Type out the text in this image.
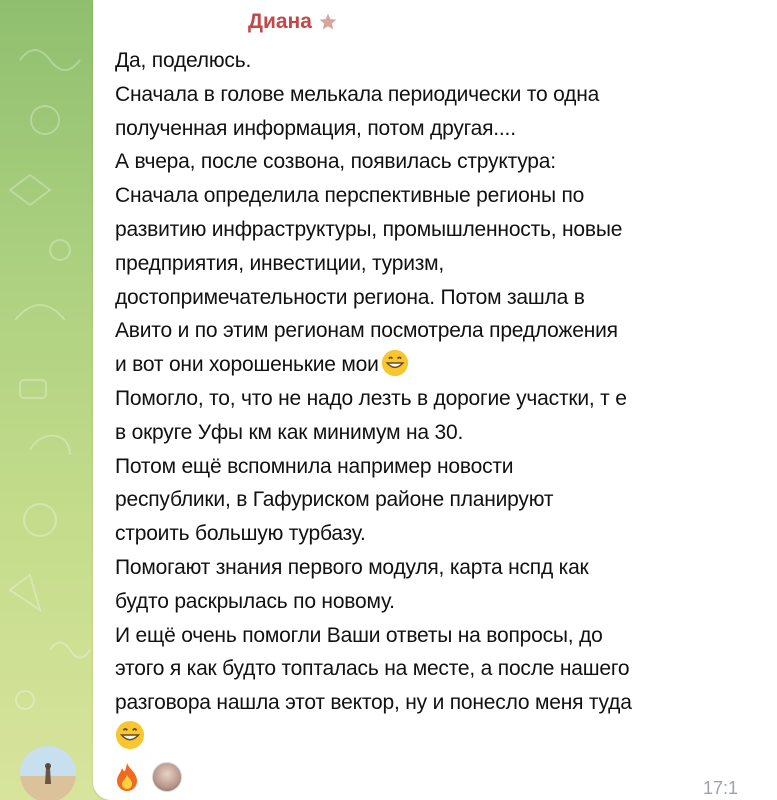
Диана

Да, поделюсь.

Сначала в голове мелькала периодически то одна

полученная информация, потом другая....

А вчера, после созвона, появилась структура:

Сначала определила перспективные регионы по

развитию инфраструктуры, промышленность, новые

предприятия, инвестиции, туризм,

достопримечательности региона. Потом зашла в

Авито и по этим регионам посмотрела предложения

и вот они хорошенькие мои

Помогло, то, что не надо лезть в дорогие участки, т е

в округе Уфы км как минимум на 30.

Потом ещё вспомнила например новости

республики, в Гафуриском районе планируют

строить большую турбазу.

Помогают знания первого модуля, карта нспд как

будто раскрылась по новому.

И ещё очень помогли Ваши ответы на вопросы, до

этого я как будто топталась на месте, а после нашего

разговора нашла этот вектор, ну и понесло меня туда

17:1
